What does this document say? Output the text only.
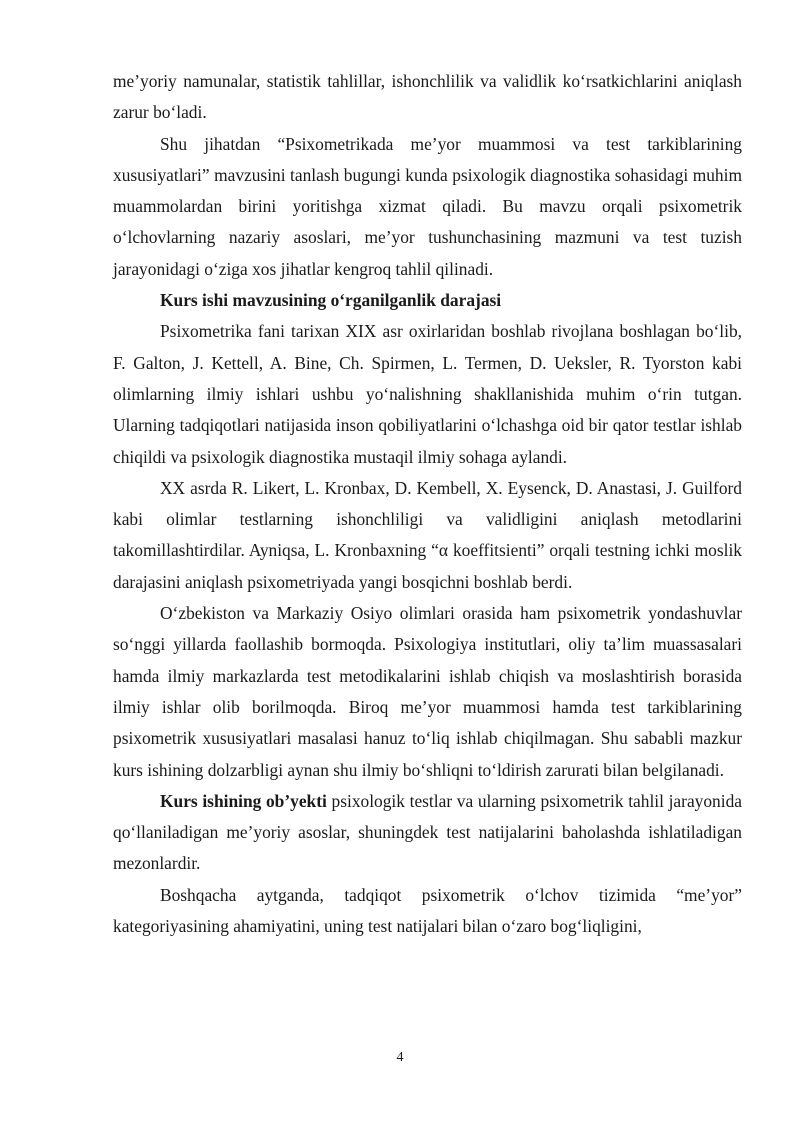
me’yoriy namunalar, statistik tahlillar, ishonchlilik va validlik ko‘rsatkichlarini aniqlash zarur bo‘ladi.

Shu jihatdan “Psixometrikada me’yor muammosi va test tarkiblarining xususiyatlari” mavzusini tanlash bugungi kunda psixologik diagnostika sohasidagi muhim muammolardan birini yoritishga xizmat qiladi. Bu mavzu orqali psixometrik o‘lchovlarning nazariy asoslari, me’yor tushunchasining mazmuni va test tuzish jarayonidagi o‘ziga xos jihatlar kengroq tahlil qilinadi.

Kurs ishi mavzusining o‘rganilganlik darajasi

Psixometrika fani tarixan XIX asr oxirlaridan boshlab rivojlana boshlagan bo‘lib, F. Galton, J. Kettell, A. Bine, Ch. Spirmen, L. Termen, D. Ueksler, R. Tyorston kabi olimlarning ilmiy ishlari ushbu yo‘nalishning shakllanishida muhim o‘rin tutgan. Ularning tadqiqotlari natijasida inson qobiliyatlarini o‘lchashga oid bir qator testlar ishlab chiqildi va psixologik diagnostika mustaqil ilmiy sohaga aylandi.

XX asrda R. Likert, L. Kronbax, D. Kembell, X. Eysenck, D. Anastasi, J. Guilford kabi olimlar testlarning ishonchliligi va validligini aniqlash metodlarini takomillashtirdilar. Ayniqsa, L. Kronbaxning “α koeffitsienti” orqali testning ichki moslik darajasini aniqlash psixometriyada yangi bosqichni boshlab berdi.

O‘zbekiston va Markaziy Osiyo olimlari orasida ham psixometrik yondashuvlar so‘nggi yillarda faollashib bormoqda. Psixologiya institutlari, oliy ta’lim muassasalari hamda ilmiy markazlarda test metodikalarini ishlab chiqish va moslashtirish borasida ilmiy ishlar olib borilmoqda. Biroq me’yor muammosi hamda test tarkiblarining psixometrik xususiyatlari masalasi hanuz to‘liq ishlab chiqilmagan. Shu sababli mazkur kurs ishining dolzarbligi aynan shu ilmiy bo‘shliqni to‘ldirish zarurati bilan belgilanadi.

Kurs ishining ob’yekti psixologik testlar va ularning psixometrik tahlil jarayonida qo‘llaniladigan me’yoriy asoslar, shuningdek test natijalarini baholashda ishlatiladigan mezonlardir.

Boshqacha aytganda, tadqiqot psixometrik o‘lchov tizimida “me’yor” kategoriyasining ahamiyatini, uning test natijalari bilan o‘zaro bog‘liqligini,

4
